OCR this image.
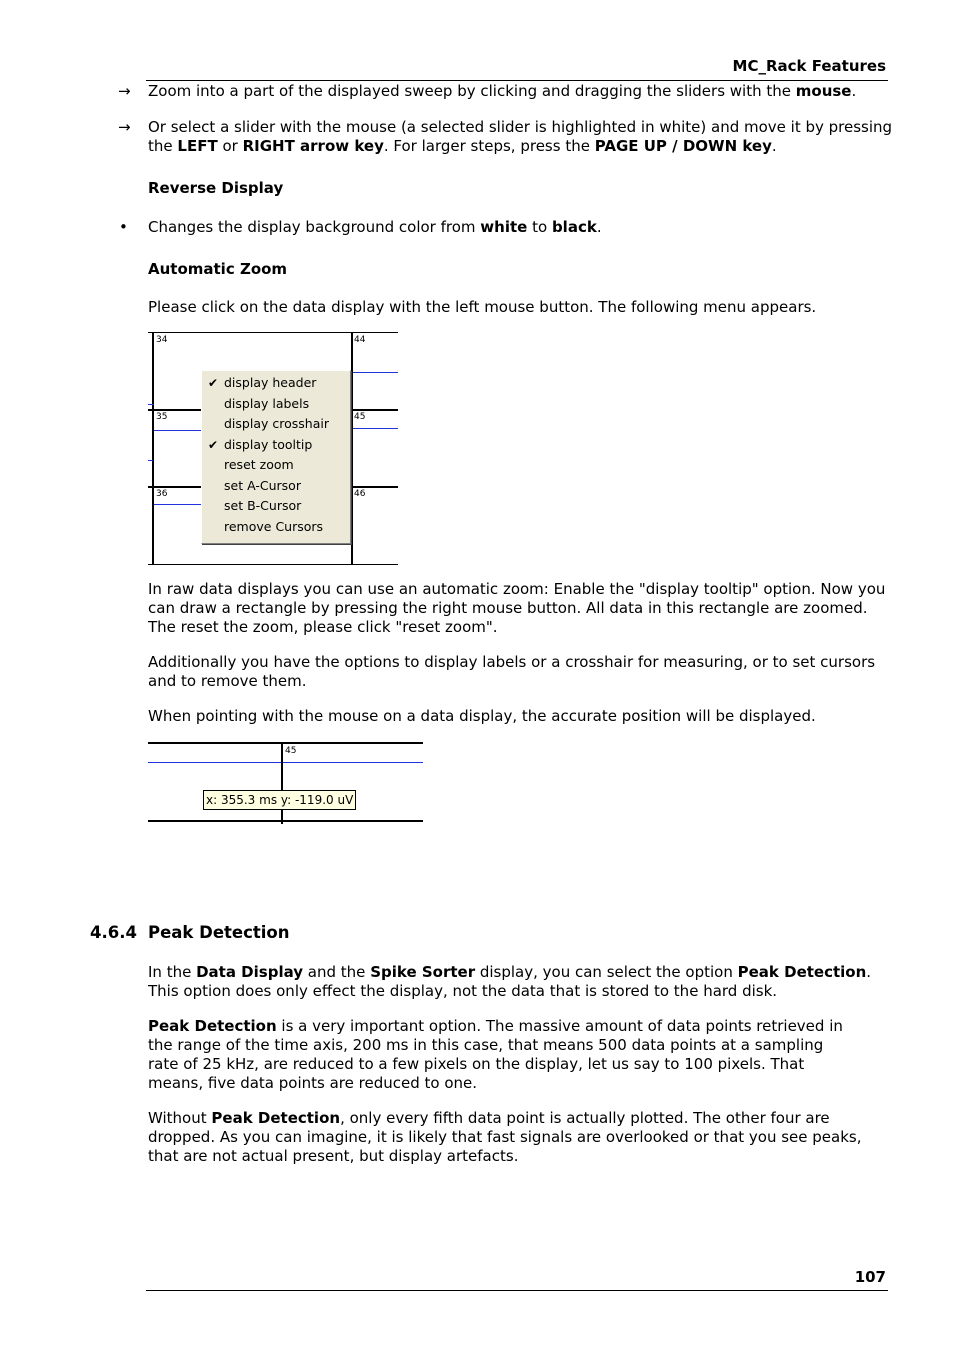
MC_Rack Features
107
→ Zoom into a part of the displayed sweep by clicking and dragging the sliders with the mouse.

→ Or select a slider with the mouse (a selected slider is highlighted in white) and move it by pressing the LEFT or RIGHT arrow key. For larger steps, press the PAGE UP / DOWN key.

Reverse Display
• Changes the display background color from white to black.

Automatic Zoom

Please click on the data display with the left mouse button. The following menu appears.

34
35
36
44
45
46
✔ display header
display labels
display crosshair
✔ display tooltip
reset zoom
set A-Cursor
set B-Cursor
remove Cursors

In raw data displays you can use an automatic zoom: Enable the "display tooltip" option. Now you can draw a rectangle by pressing the right mouse button. All data in this rectangle are zoomed. The reset the zoom, please click "reset zoom".

Additionally you have the options to display labels or a crosshair for measuring, or to set cursors and to remove them.

When pointing with the mouse on a data display, the accurate position will be displayed.

45
x: 355.3 ms y: -119.0 uV
4.6.4 Peak Detection

In the Data Display and the Spike Sorter display, you can select the option Peak Detection. This option does only effect the display, not the data that is stored to the hard disk.

Peak Detection is a very important option. The massive amount of data points retrieved in the range of the time axis, 200 ms in this case, that means 500 data points at a sampling rate of 25 kHz, are reduced to a few pixels on the display, let us say to 100 pixels. That means, five data points are reduced to one.

Without Peak Detection, only every fifth data point is actually plotted. The other four are dropped. As you can imagine, it is likely that fast signals are overlooked or that you see peaks, that are not actual present, but display artefacts.
